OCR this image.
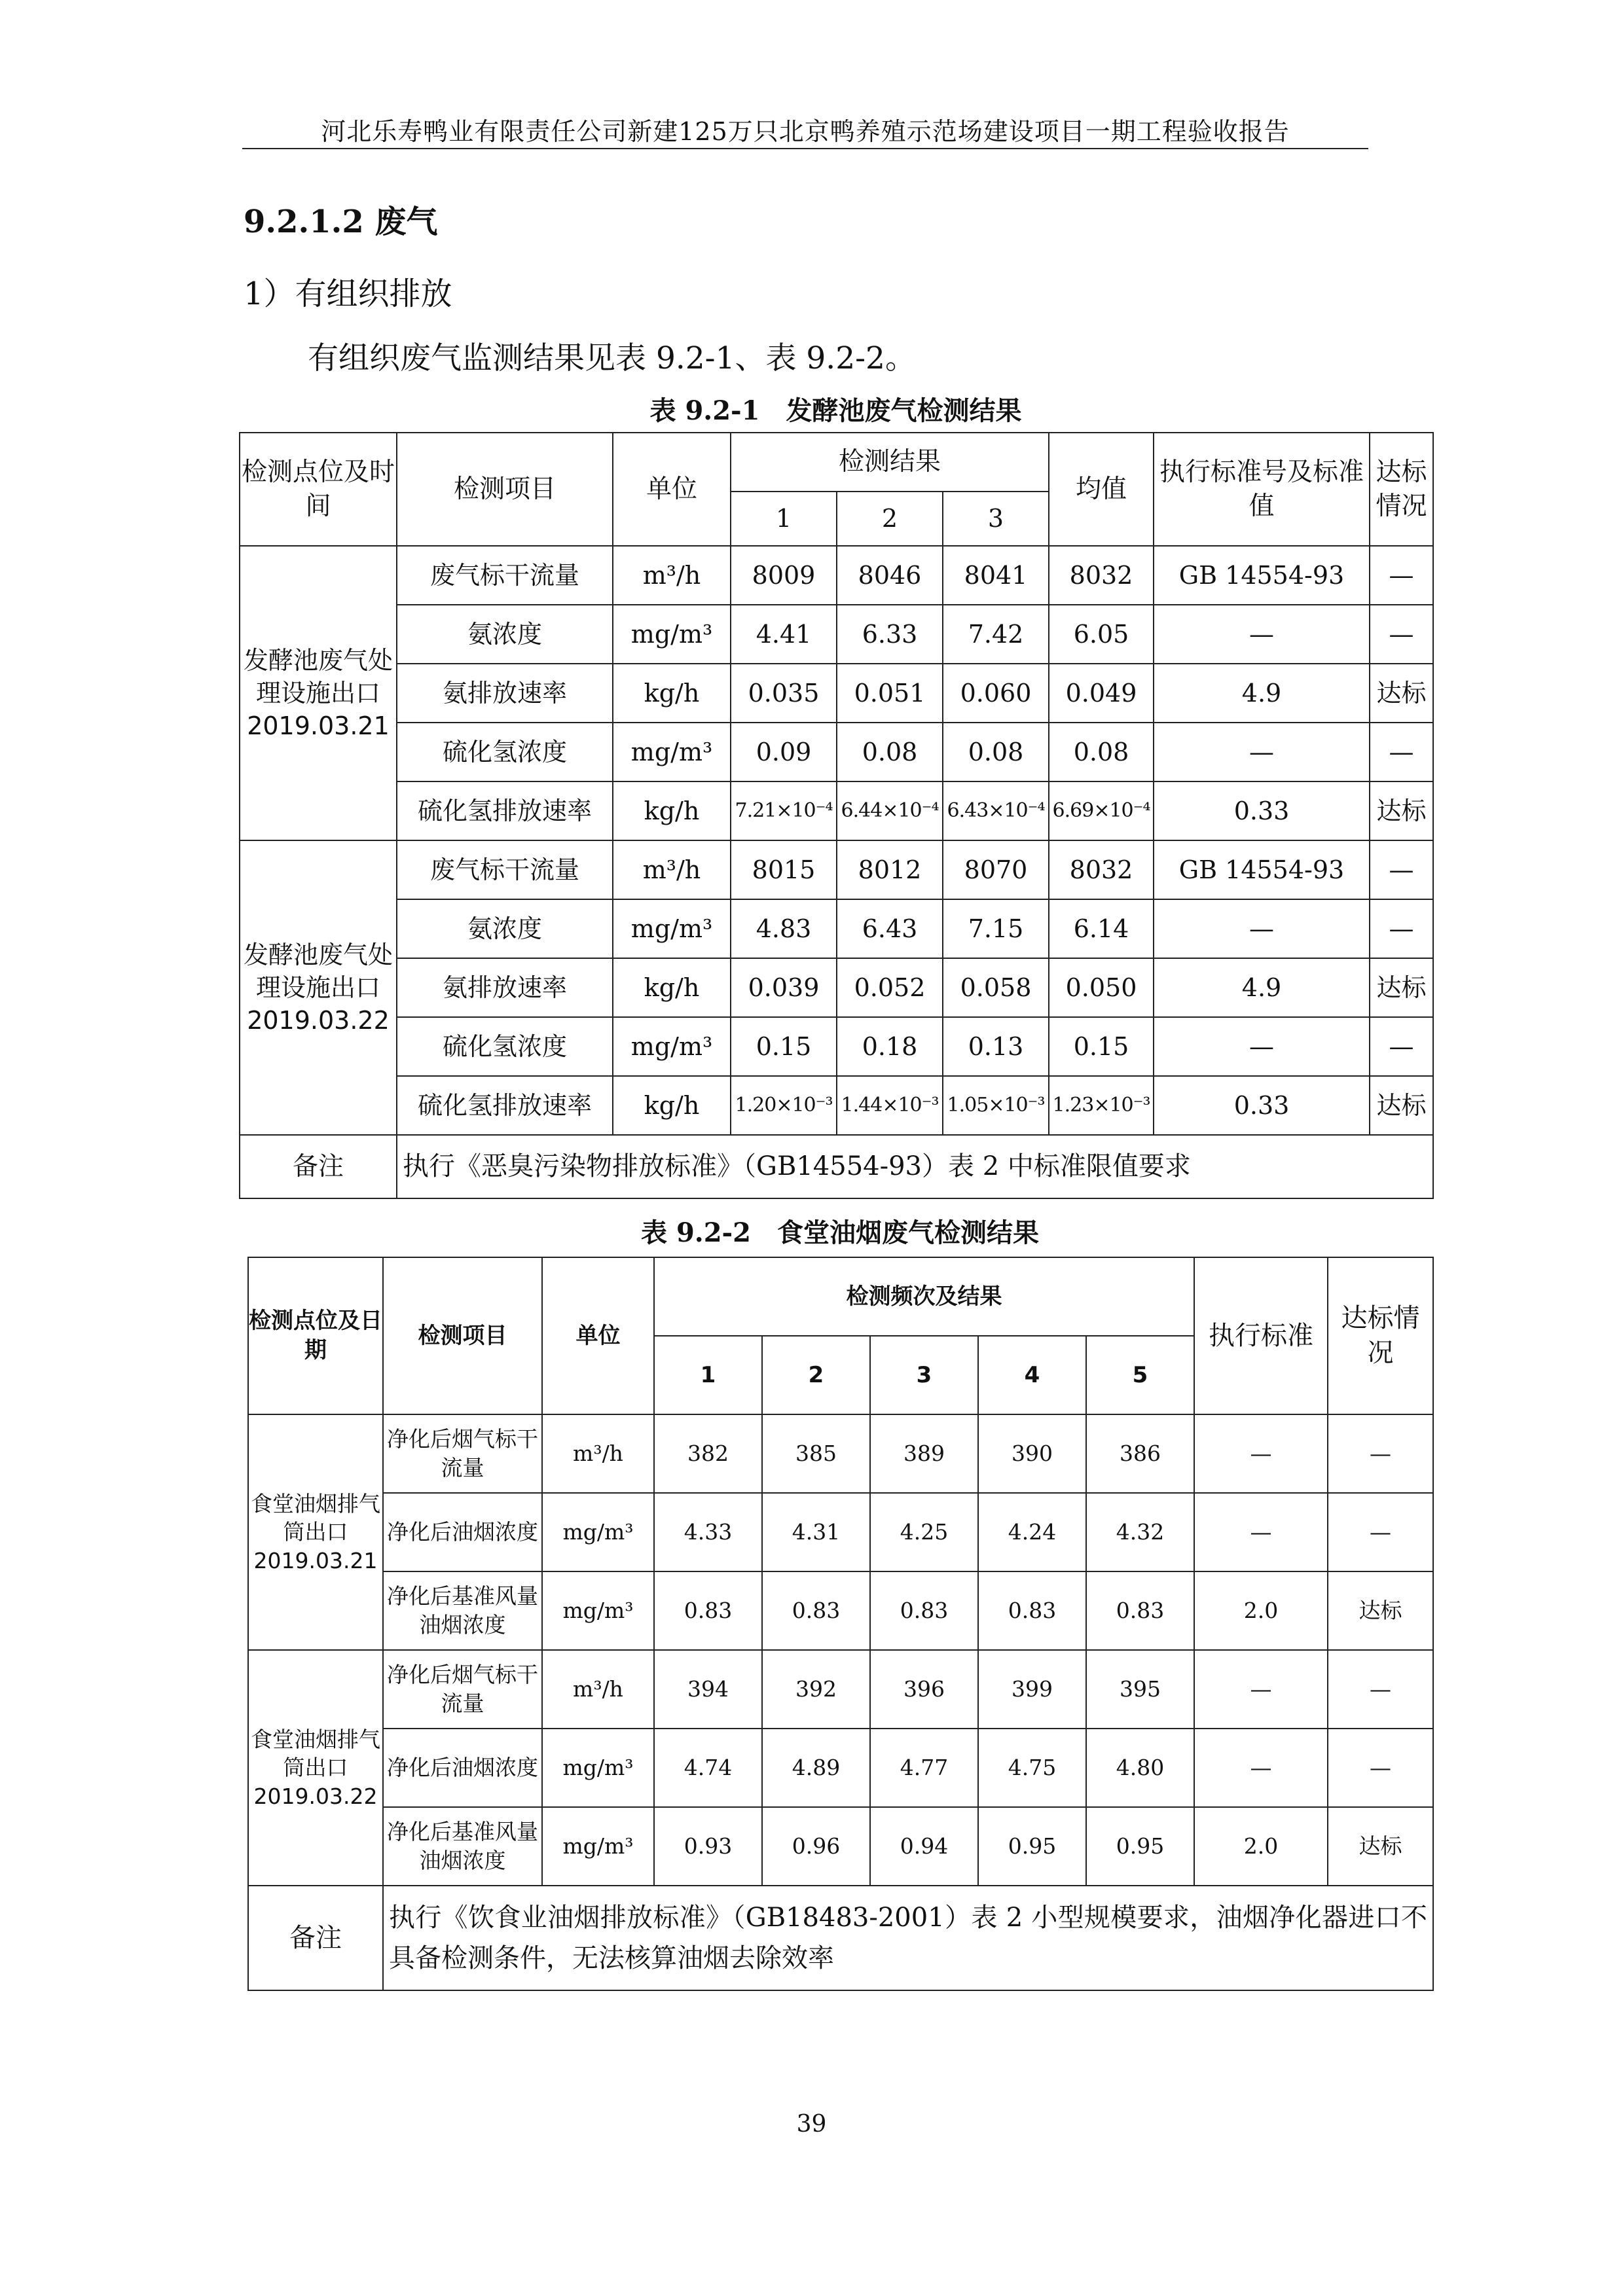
河北乐寿鸭业有限责任公司新建125万只北京鸭养殖示范场建设项目一期工程验收报告
9.2.1.2 废气
1）有组织排放
有组织废气监测结果见表 9.2-1、表 9.2-2。
表 9.2-1　发酵池废气检测结果
检测点位及时间	检测项目	单位	检测结果			均值	执行标准号及标准值	达标情况
			1	2	3			
发酵池废气处理设施出口2019.03.21	废气标干流量	m³/h	8009	8046	8041	8032	GB 14554-93	—
	氨浓度	mg/m³	4.41	6.33	7.42	6.05	—	—
	氨排放速率	kg/h	0.035	0.051	0.060	0.049	4.9	达标
	硫化氢浓度	mg/m³	0.09	0.08	0.08	0.08	—	—
	硫化氢排放速率	kg/h	7.21×10⁻⁴	6.44×10⁻⁴	6.43×10⁻⁴	6.69×10⁻⁴	0.33	达标
发酵池废气处理设施出口2019.03.22	废气标干流量	m³/h	8015	8012	8070	8032	GB 14554-93	—
	氨浓度	mg/m³	4.83	6.43	7.15	6.14	—	—
	氨排放速率	kg/h	0.039	0.052	0.058	0.050	4.9	达标
	硫化氢浓度	mg/m³	0.15	0.18	0.13	0.15	—	—
	硫化氢排放速率	kg/h	1.20×10⁻³	1.44×10⁻³	1.05×10⁻³	1.23×10⁻³	0.33	达标
备注	执行《恶臭污染物排放标准》（GB14554-93）表 2 中标准限值要求							
表 9.2-2　食堂油烟废气检测结果
检测点位及日期	检测项目	单位	检测频次及结果					执行标准	达标情况
			1	2	3	4	5		
食堂油烟排气筒出口2019.03.21	净化后烟气标干流量	m³/h	382	385	389	390	386	—	—
	净化后油烟浓度	mg/m³	4.33	4.31	4.25	4.24	4.32	—	—
	净化后基准风量油烟浓度	mg/m³	0.83	0.83	0.83	0.83	0.83	2.0	达标
食堂油烟排气筒出口2019.03.22	净化后烟气标干流量	m³/h	394	392	396	399	395	—	—
	净化后油烟浓度	mg/m³	4.74	4.89	4.77	4.75	4.80	—	—
	净化后基准风量油烟浓度	mg/m³	0.93	0.96	0.94	0.95	0.95	2.0	达标
备注	执行《饮食业油烟排放标准》（GB18483-2001）表 2 小型规模要求，油烟净化器进口不具备检测条件，无法核算油烟去除效率								
39
